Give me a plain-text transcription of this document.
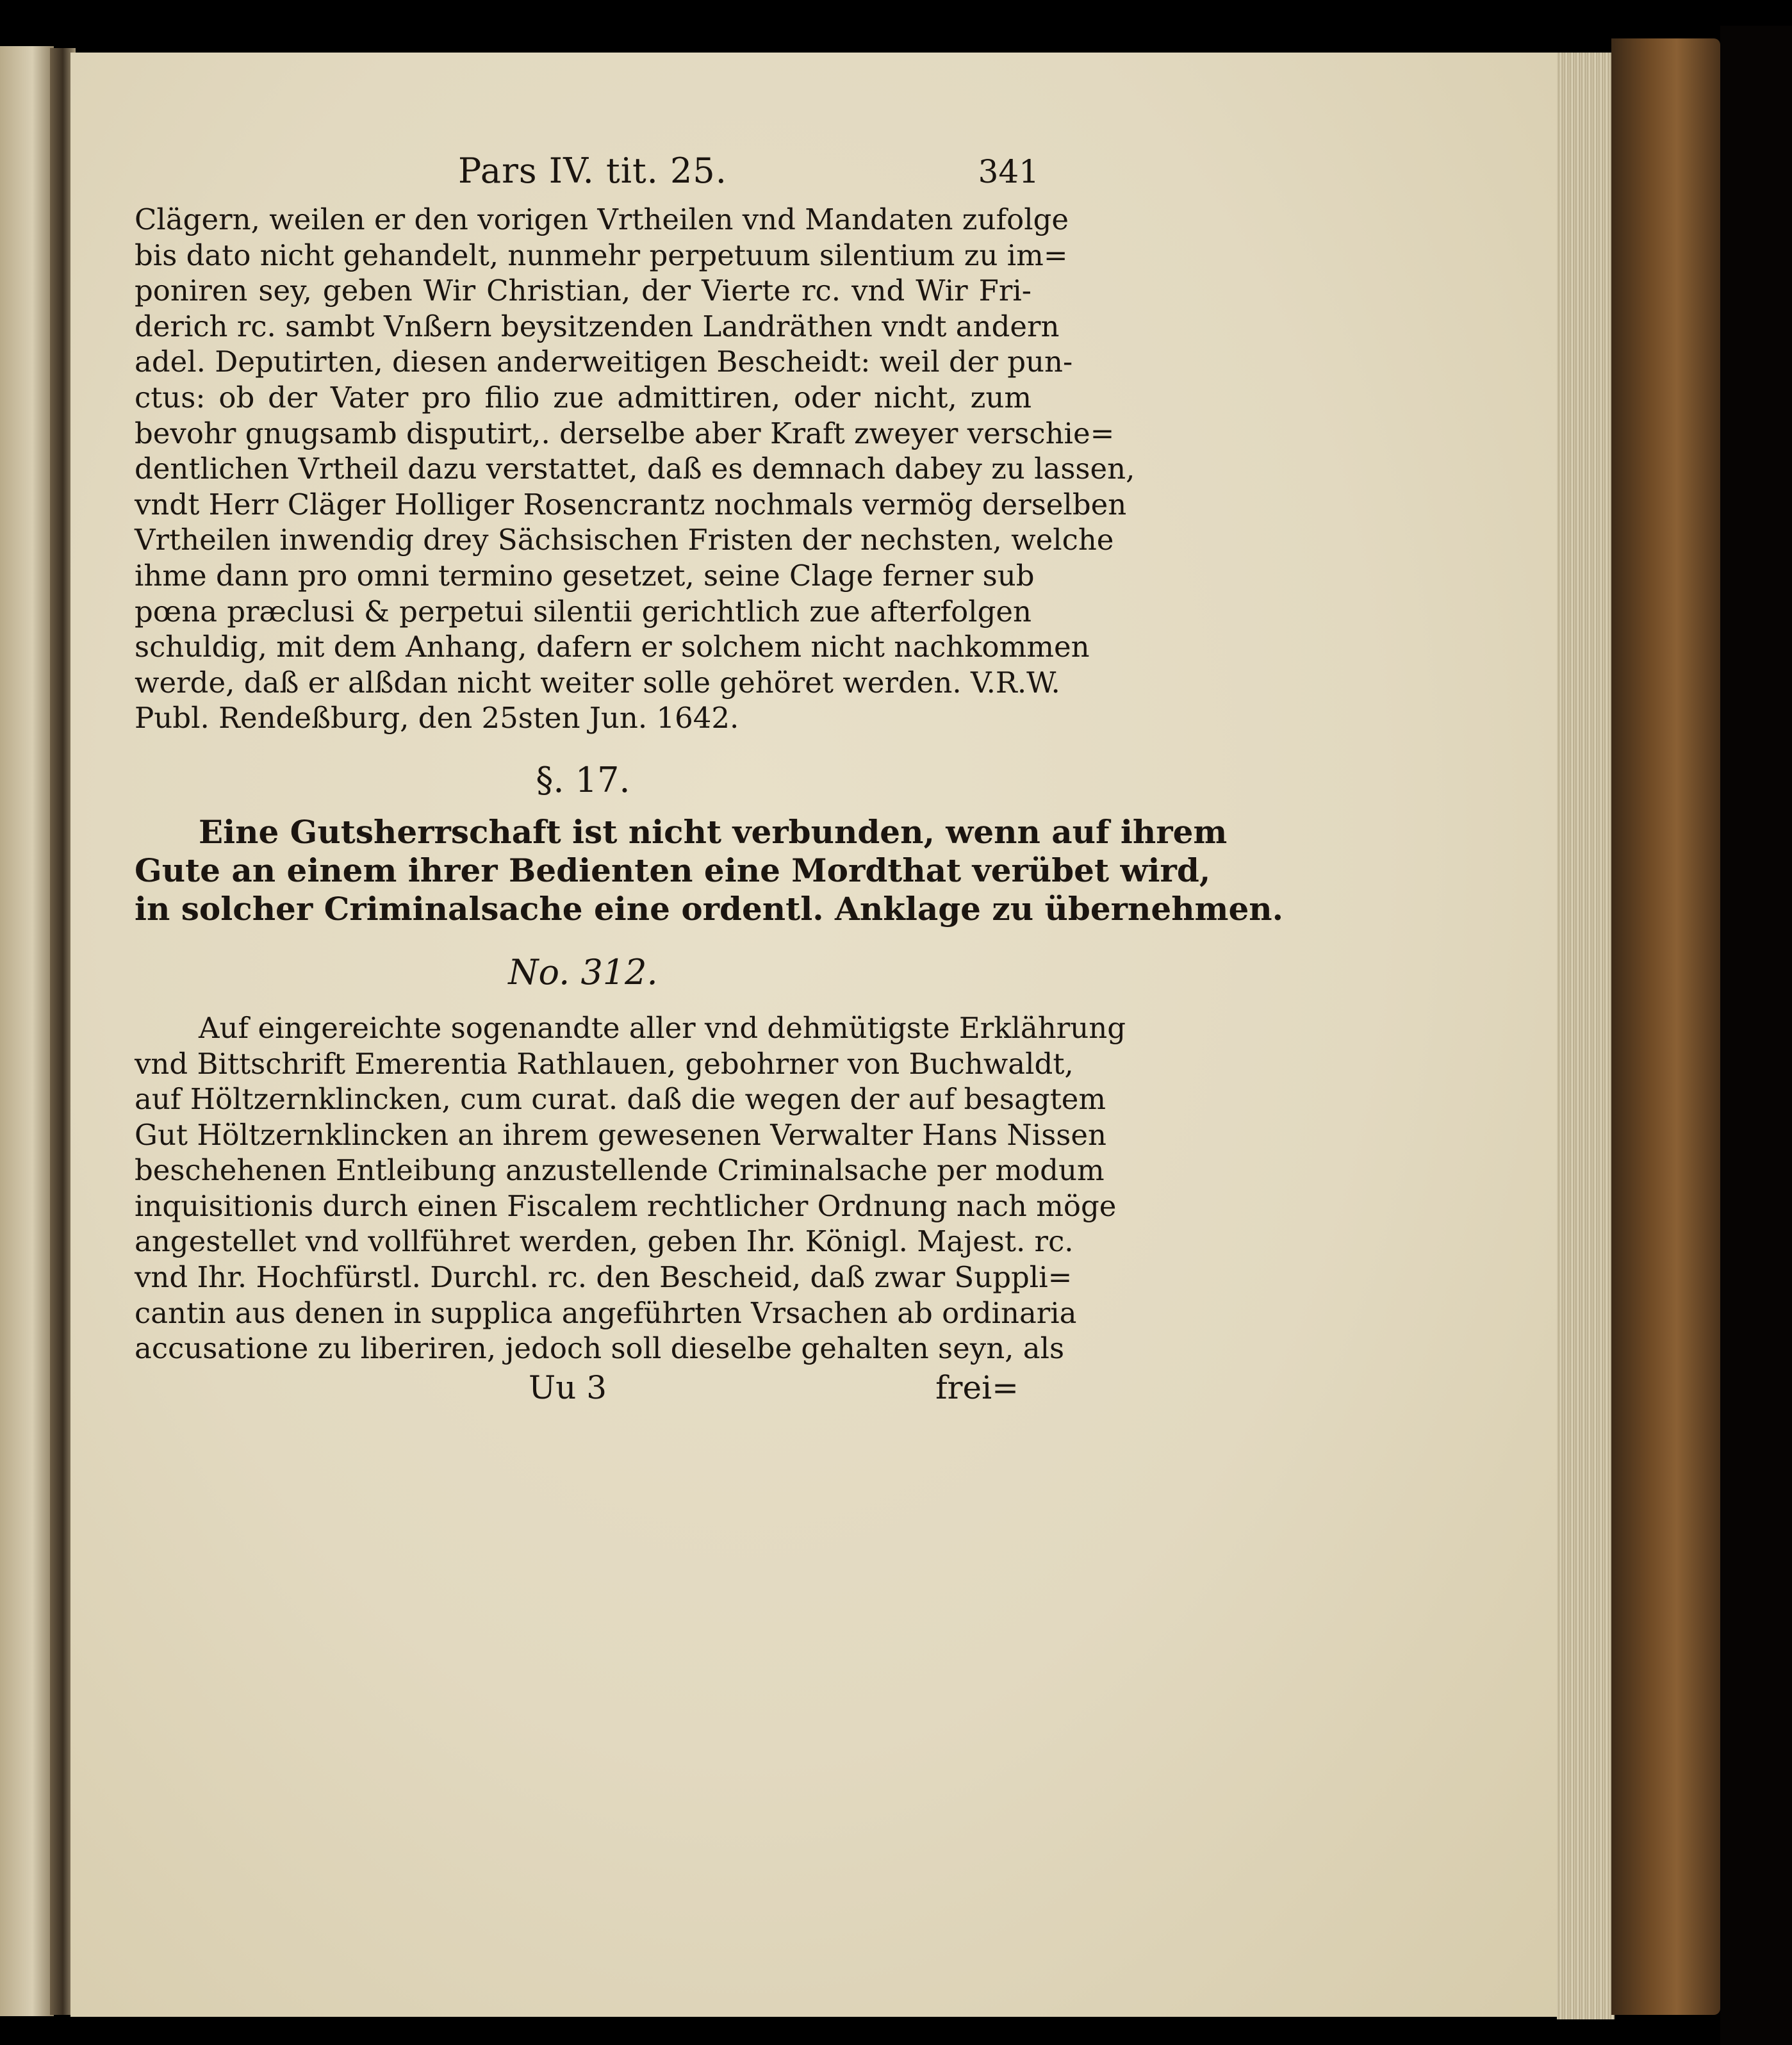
Pars IV. tit. 25.	341
Clägern, weilen er den vorigen Vrtheilen vnd Mandaten zufolge
bis dato nicht gehandelt, nunmehr perpetuum silentium zu im=
poniren sey, geben Wir Christian, der Vierte rc. vnd Wir Fri-
derich rc. sambt Vnßern beysitzenden Landräthen vndt andern
adel. Deputirten, diesen anderweitigen Bescheidt: weil der pun-
ctus: ob der Vater pro filio zue admittiren, oder nicht, zum
bevohr gnugsamb disputirt,. derselbe aber Kraft zweyer verschie=
dentlichen Vrtheil dazu verstattet, daß es demnach dabey zu lassen,
vndt Herr Cläger Holliger Rosencrantz nochmals vermög derselben
Vrtheilen inwendig drey Sächsischen Fristen der nechsten, welche
ihme dann pro omni termino gesetzet, seine Clage ferner sub
pœna præclusi & perpetui silentii gerichtlich zue afterfolgen
schuldig, mit dem Anhang, dafern er solchem nicht nachkommen
werde, daß er alßdan nicht weiter solle gehöret werden. V.R.W.
Publ. Rendeßburg, den 25sten Jun. 1642.
§. 17.
Eine Gutsherrschaft ist nicht verbunden, wenn auf ihrem
Gute an einem ihrer Bedienten eine Mordthat verübet wird,
in solcher Criminalsache eine ordentl. Anklage zu übernehmen.
No. 312.
Auf eingereichte sogenandte aller vnd dehmütigste Erklährung
vnd Bittschrift Emerentia Rathlauen, gebohrner von Buchwaldt,
auf Höltzernklincken, cum curat. daß die wegen der auf besagtem
Gut Höltzernklincken an ihrem gewesenen Verwalter Hans Nissen
beschehenen Entleibung anzustellende Criminalsache per modum
inquisitionis durch einen Fiscalem rechtlicher Ordnung nach möge
angestellet vnd vollführet werden, geben Ihr. Königl. Majest. rc.
vnd Ihr. Hochfürstl. Durchl. rc. den Bescheid, daß zwar Suppli=
cantin aus denen in supplica angeführten Vrsachen ab ordinaria
accusatione zu liberiren, jedoch soll dieselbe gehalten seyn, als
Uu 3	frei=
